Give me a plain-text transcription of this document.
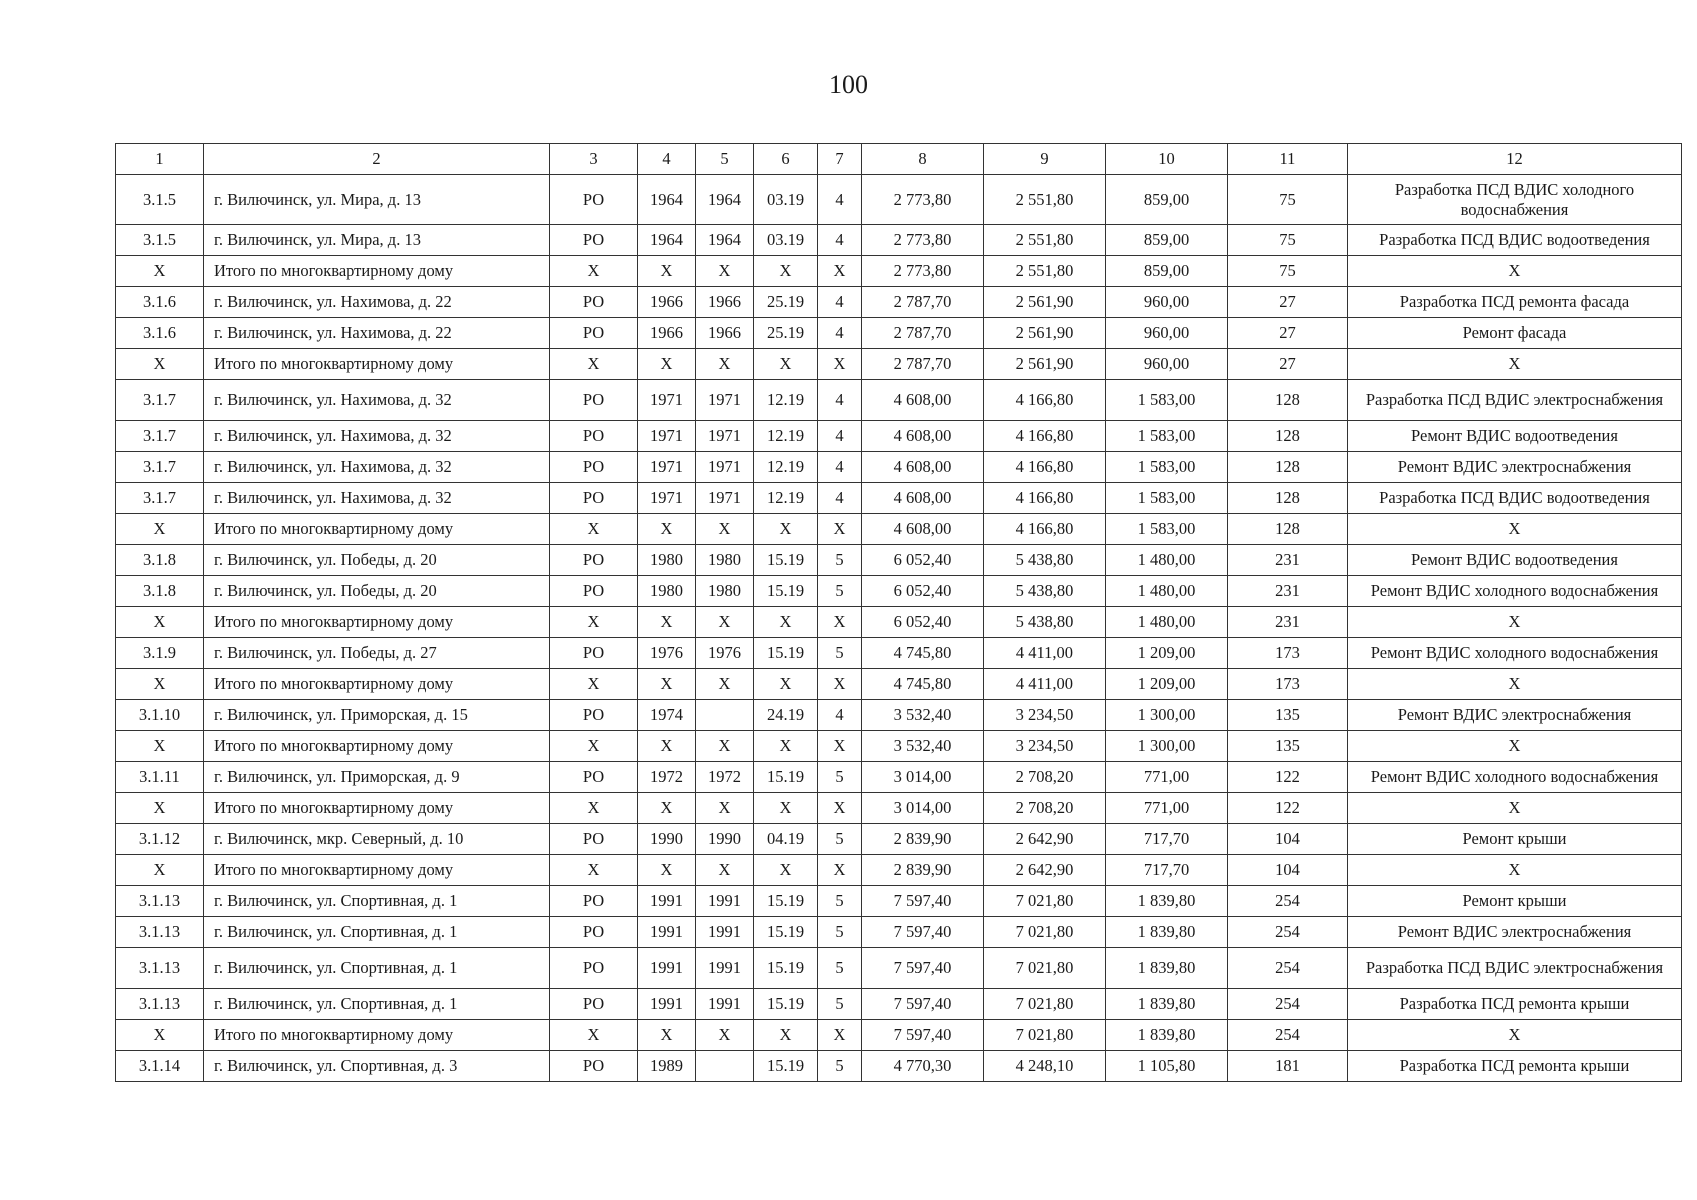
100
1	2	3	4	5	6	7	8	9	10	11	12
3.1.5	г. Вилючинск, ул. Мира, д. 13	РО	1964	1964	03.19	4	2 773,80	2 551,80	859,00	75	Разработка ПСД ВДИС холодного водоснабжения
3.1.5	г. Вилючинск, ул. Мира, д. 13	РО	1964	1964	03.19	4	2 773,80	2 551,80	859,00	75	Разработка ПСД ВДИС водоотведения
Х	Итого по многоквартирному дому	Х	Х	Х	Х	Х	2 773,80	2 551,80	859,00	75	Х
3.1.6	г. Вилючинск, ул. Нахимова, д. 22	РО	1966	1966	25.19	4	2 787,70	2 561,90	960,00	27	Разработка ПСД ремонта фасада
3.1.6	г. Вилючинск, ул. Нахимова, д. 22	РО	1966	1966	25.19	4	2 787,70	2 561,90	960,00	27	Ремонт фасада
Х	Итого по многоквартирному дому	Х	Х	Х	Х	Х	2 787,70	2 561,90	960,00	27	Х
3.1.7	г. Вилючинск, ул. Нахимова, д. 32	РО	1971	1971	12.19	4	4 608,00	4 166,80	1 583,00	128	Разработка ПСД ВДИС электроснабжения
3.1.7	г. Вилючинск, ул. Нахимова, д. 32	РО	1971	1971	12.19	4	4 608,00	4 166,80	1 583,00	128	Ремонт ВДИС водоотведения
3.1.7	г. Вилючинск, ул. Нахимова, д. 32	РО	1971	1971	12.19	4	4 608,00	4 166,80	1 583,00	128	Ремонт ВДИС электроснабжения
3.1.7	г. Вилючинск, ул. Нахимова, д. 32	РО	1971	1971	12.19	4	4 608,00	4 166,80	1 583,00	128	Разработка ПСД ВДИС водоотведения
Х	Итого по многоквартирному дому	Х	Х	Х	Х	Х	4 608,00	4 166,80	1 583,00	128	Х
3.1.8	г. Вилючинск, ул. Победы, д. 20	РО	1980	1980	15.19	5	6 052,40	5 438,80	1 480,00	231	Ремонт ВДИС водоотведения
3.1.8	г. Вилючинск, ул. Победы, д. 20	РО	1980	1980	15.19	5	6 052,40	5 438,80	1 480,00	231	Ремонт ВДИС холодного водоснабжения
Х	Итого по многоквартирному дому	Х	Х	Х	Х	Х	6 052,40	5 438,80	1 480,00	231	Х
3.1.9	г. Вилючинск, ул. Победы, д. 27	РО	1976	1976	15.19	5	4 745,80	4 411,00	1 209,00	173	Ремонт ВДИС холодного водоснабжения
Х	Итого по многоквартирному дому	Х	Х	Х	Х	Х	4 745,80	4 411,00	1 209,00	173	Х
3.1.10	г. Вилючинск, ул. Приморская, д. 15	РО	1974		24.19	4	3 532,40	3 234,50	1 300,00	135	Ремонт ВДИС электроснабжения
Х	Итого по многоквартирному дому	Х	Х	Х	Х	Х	3 532,40	3 234,50	1 300,00	135	Х
3.1.11	г. Вилючинск, ул. Приморская, д. 9	РО	1972	1972	15.19	5	3 014,00	2 708,20	771,00	122	Ремонт ВДИС холодного водоснабжения
Х	Итого по многоквартирному дому	Х	Х	Х	Х	Х	3 014,00	2 708,20	771,00	122	Х
3.1.12	г. Вилючинск, мкр. Северный, д. 10	РО	1990	1990	04.19	5	2 839,90	2 642,90	717,70	104	Ремонт крыши
Х	Итого по многоквартирному дому	Х	Х	Х	Х	Х	2 839,90	2 642,90	717,70	104	Х
3.1.13	г. Вилючинск, ул. Спортивная, д. 1	РО	1991	1991	15.19	5	7 597,40	7 021,80	1 839,80	254	Ремонт крыши
3.1.13	г. Вилючинск, ул. Спортивная, д. 1	РО	1991	1991	15.19	5	7 597,40	7 021,80	1 839,80	254	Ремонт ВДИС электроснабжения
3.1.13	г. Вилючинск, ул. Спортивная, д. 1	РО	1991	1991	15.19	5	7 597,40	7 021,80	1 839,80	254	Разработка ПСД ВДИС электроснабжения
3.1.13	г. Вилючинск, ул. Спортивная, д. 1	РО	1991	1991	15.19	5	7 597,40	7 021,80	1 839,80	254	Разработка ПСД ремонта крыши
Х	Итого по многоквартирному дому	Х	Х	Х	Х	Х	7 597,40	7 021,80	1 839,80	254	Х
3.1.14	г. Вилючинск, ул. Спортивная, д. 3	РО	1989		15.19	5	4 770,30	4 248,10	1 105,80	181	Разработка ПСД ремонта крыши
